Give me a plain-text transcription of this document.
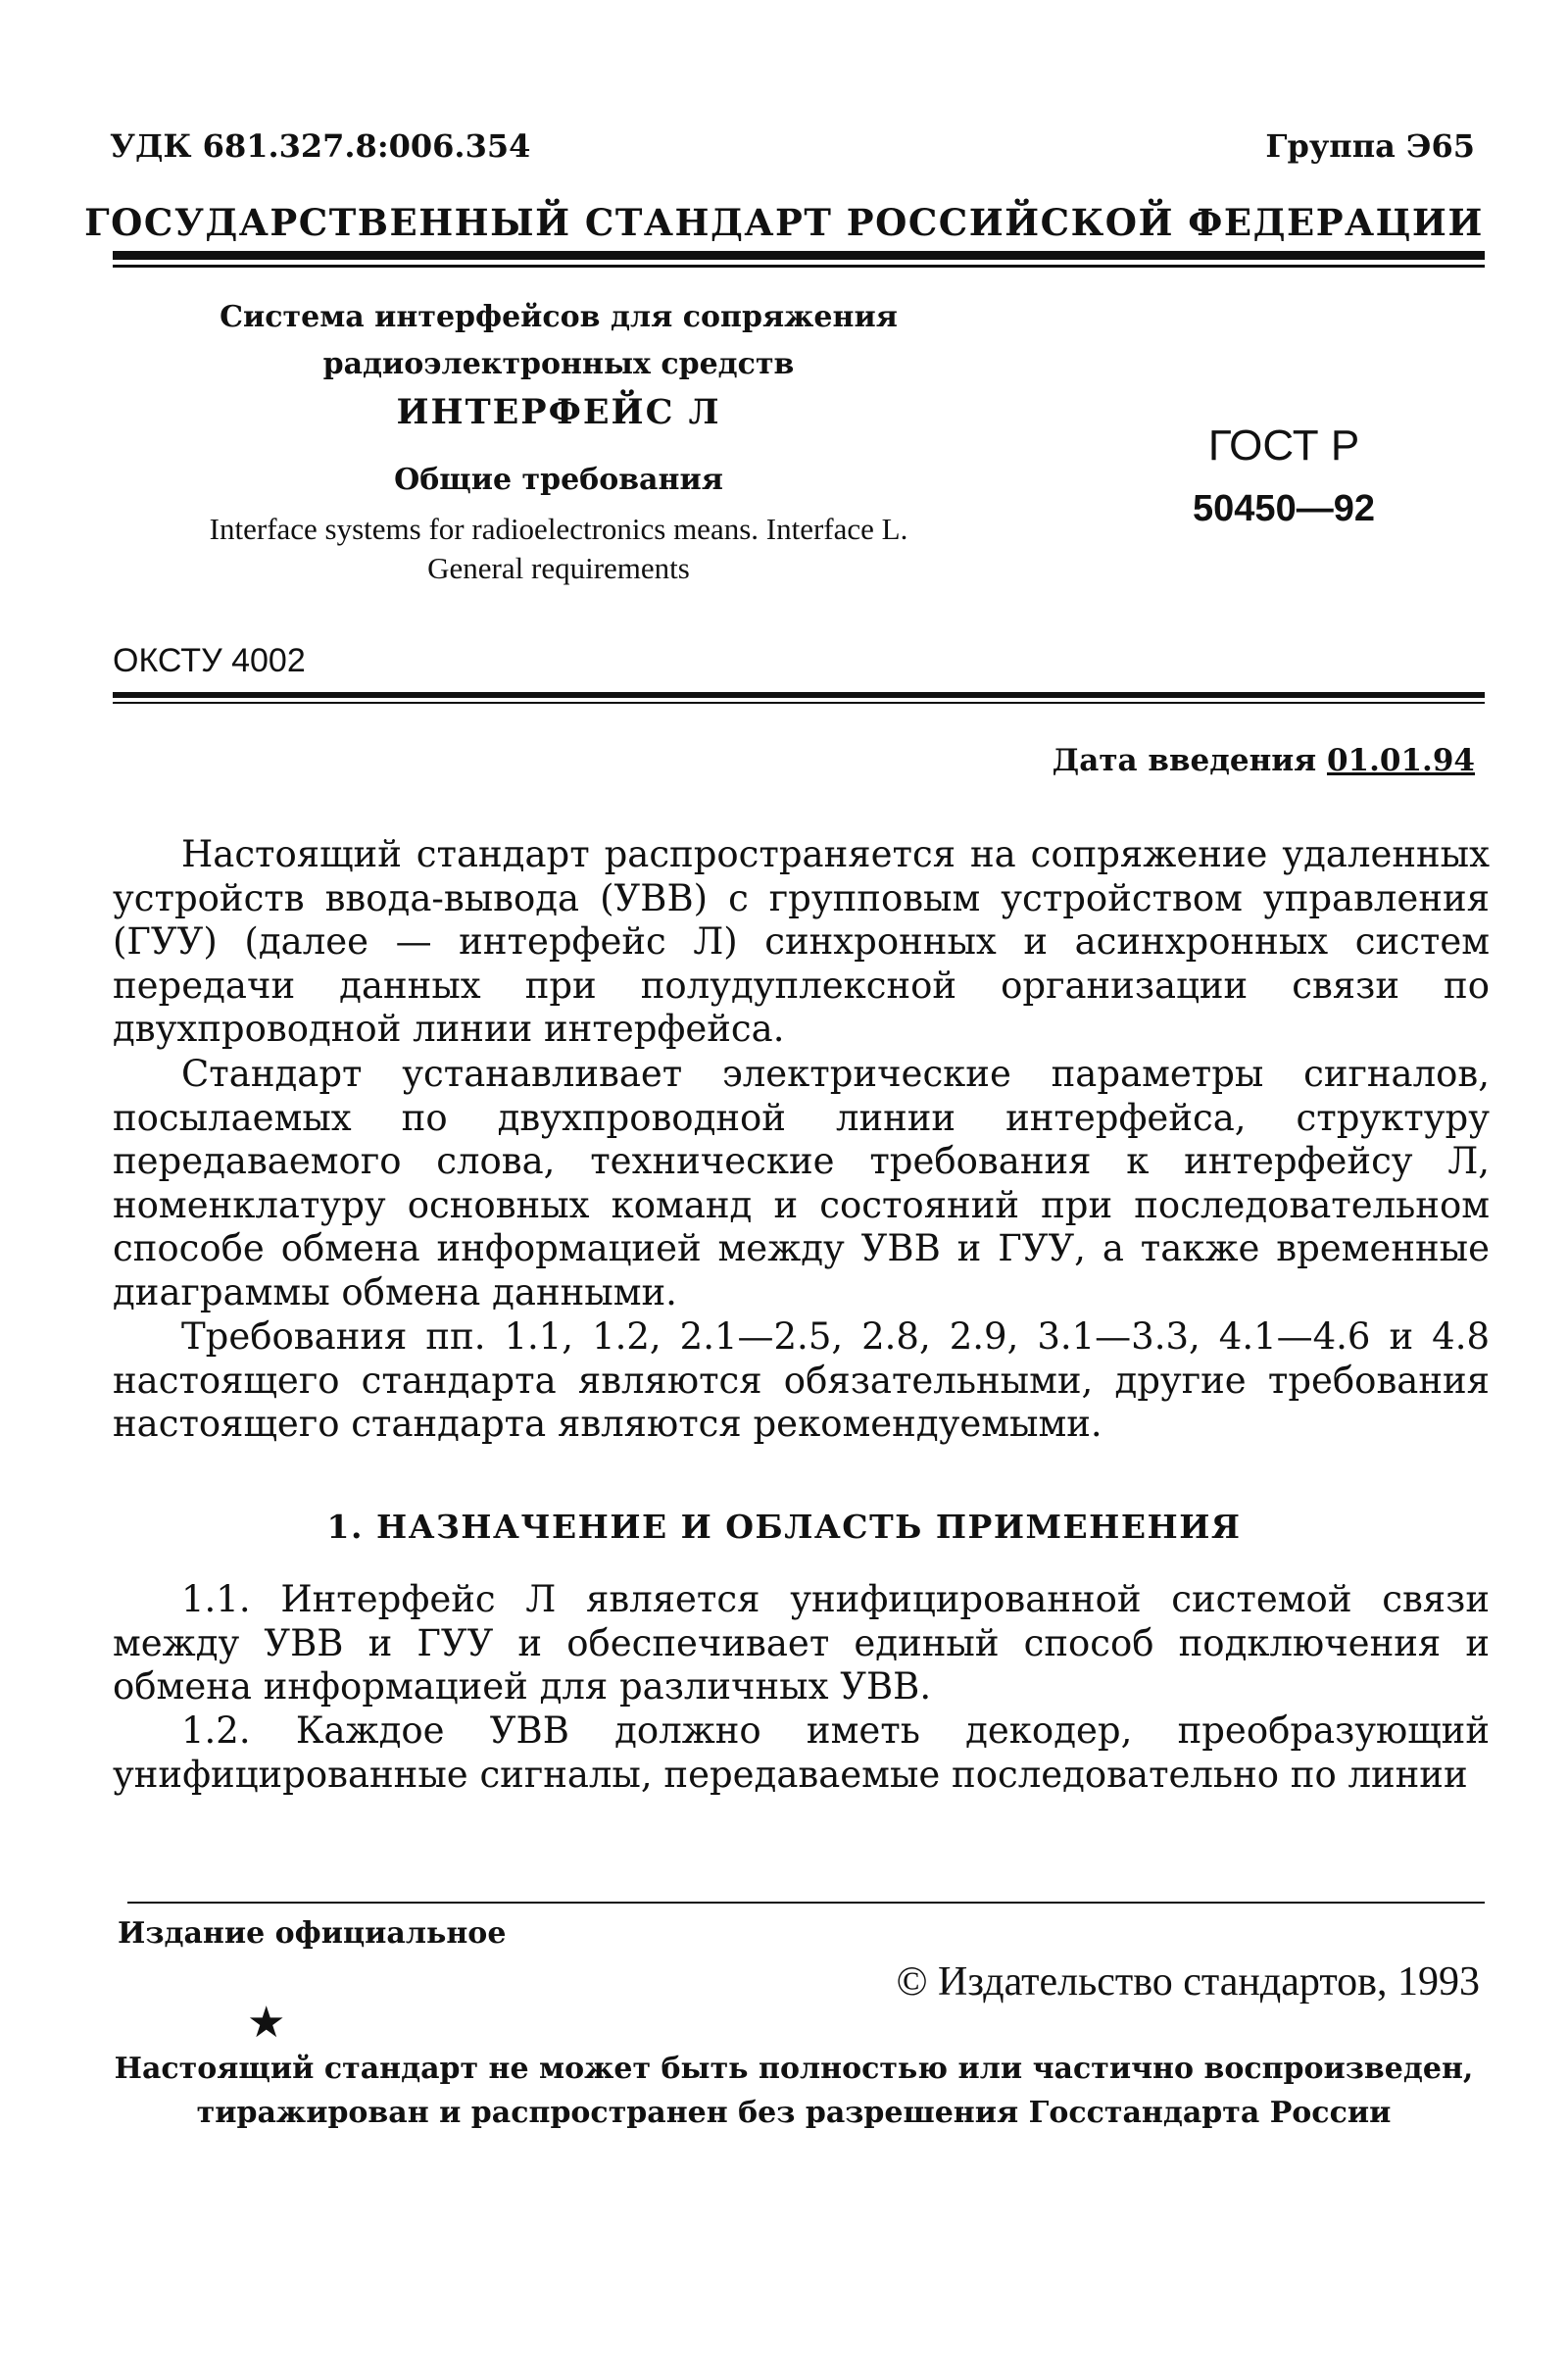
УДК 681.327.8:006.354	Группа Э65
ГОСУДАРСТВЕННЫЙ СТАНДАРТ РОССИЙСКОЙ ФЕДЕРАЦИИ
Система интерфейсов для сопряжения радиоэлектронных средств
ИНТЕРФЕЙС Л
Общие требования
Interface systems for radioelectronics means. Interface L. General requirements
ГОСТ Р
50450—92
ОКСТУ 4002
Дата введения 01.01.94
Настоящий стандарт распространяется на сопряжение удаленных устройств ввода-вывода (УВВ) с групповым устройством управления (ГУУ) (далее — интерфейс Л) синхронных и асинхронных систем передачи данных при полудуплексной организации связи по двухпроводной линии интерфейса.
Стандарт устанавливает электрические параметры сигналов, посылаемых по двухпроводной линии интерфейса, структуру передаваемого слова, технические требования к интерфейсу Л, номенклатуру основных команд и состояний при последовательном способе обмена информацией между УВВ и ГУУ, а также временные диаграммы обмена данными.
Требования пп. 1.1, 1.2, 2.1—2.5, 2.8, 2.9, 3.1—3.3, 4.1—4.6 и 4.8 настоящего стандарта являются обязательными, другие требования настоящего стандарта являются рекомендуемыми.
1. НАЗНАЧЕНИЕ И ОБЛАСТЬ ПРИМЕНЕНИЯ
1.1. Интерфейс Л является унифицированной системой связи между УВВ и ГУУ и обеспечивает единый способ подключения и обмена информацией для различных УВВ.
1.2. Каждое УВВ должно иметь декодер, преобразующий унифицированные сигналы, передаваемые последовательно по линии
Издание официальное
© Издательство стандартов, 1993
★
Настоящий стандарт не может быть полностью или частично воспроизведен, тиражирован и распространен без разрешения Госстандарта России
